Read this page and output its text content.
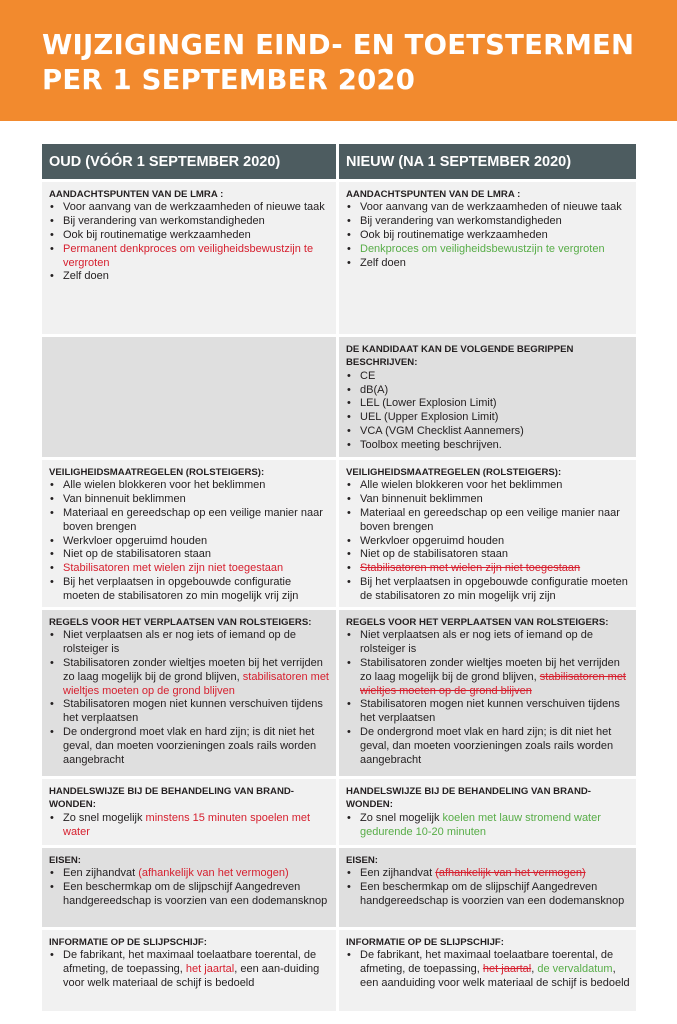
WIJZIGINGEN EIND- EN TOETSTERMEN
PER 1 SEPTEMBER 2020
OUD (VÓÓR 1 SEPTEMBER 2020)	NIEUW (NA 1 SEPTEMBER 2020)
AANDACHTSPUNTEN VAN DE LMRA :
• Voor aanvang van de werkzaamheden of nieuwe taak
• Bij verandering van werkomstandigheden
• Ook bij routinematige werkzaamheden
• Permanent denkproces om veiligheidsbewustzijn te vergroten
• Zelf doen
AANDACHTSPUNTEN VAN DE LMRA :
• Voor aanvang van de werkzaamheden of nieuwe taak
• Bij verandering van werkomstandigheden
• Ook bij routinematige werkzaamheden
• Denkproces om veiligheidsbewustzijn te vergroten
• Zelf doen
DE KANDIDAAT KAN DE VOLGENDE BEGRIPPEN BESCHRIJVEN:
• CE
• dB(A)
• LEL (Lower Explosion Limit)
• UEL (Upper Explosion Limit)
• VCA (VGM Checklist Aannemers)
• Toolbox meeting beschrijven.
VEILIGHEIDSMAATREGELEN (ROLSTEIGERS):
• Alle wielen blokkeren voor het beklimmen
• Van binnenuit beklimmen
• Materiaal en gereedschap op een veilige manier naar boven brengen
• Werkvloer opgeruimd houden
• Niet op de stabilisatoren staan
• Stabilisatoren met wielen zijn niet toegestaan
• Bij het verplaatsen in opgebouwde configuratie moeten de stabilisatoren zo min mogelijk vrij zijn
VEILIGHEIDSMAATREGELEN (ROLSTEIGERS):
• Alle wielen blokkeren voor het beklimmen
• Van binnenuit beklimmen
• Materiaal en gereedschap op een veilige manier naar boven brengen
• Werkvloer opgeruimd houden
• Niet op de stabilisatoren staan
• Stabilisatoren met wielen zijn niet toegestaan
• Bij het verplaatsen in opgebouwde configuratie moeten de stabilisatoren zo min mogelijk vrij zijn
REGELS VOOR HET VERPLAATSEN VAN ROLSTEIGERS:
• Niet verplaatsen als er nog iets of iemand op de rolsteiger is
• Stabilisatoren zonder wieltjes moeten bij het verrijden zo laag mogelijk bij de grond blijven, stabilisatoren met wieltjes moeten op de grond blijven
• Stabilisatoren mogen niet kunnen verschuiven tijdens het verplaatsen
• De ondergrond moet vlak en hard zijn; is dit niet het geval, dan moeten voorzieningen zoals rails worden aangebracht
REGELS VOOR HET VERPLAATSEN VAN ROLSTEIGERS:
• Niet verplaatsen als er nog iets of iemand op de rolsteiger is
• Stabilisatoren zonder wieltjes moeten bij het verrijden zo laag mogelijk bij de grond blijven, stabilisatoren met wieltjes moeten op de grond blijven
• Stabilisatoren mogen niet kunnen verschuiven tijdens het verplaatsen
• De ondergrond moet vlak en hard zijn; is dit niet het geval, dan moeten voorzieningen zoals rails worden aangebracht
HANDELSWIJZE BIJ DE BEHANDELING VAN BRAND-WONDEN:
• Zo snel mogelijk minstens 15 minuten spoelen met water
HANDELSWIJZE BIJ DE BEHANDELING VAN BRAND-WONDEN:
• Zo snel mogelijk koelen met lauw stromend water gedurende 10-20 minuten
EISEN:
• Een zijhandvat (afhankelijk van het vermogen)
• Een beschermkap om de slijpschijf Aangedreven handgereedschap is voorzien van een dodemansknop
EISEN:
• Een zijhandvat (afhankelijk van het vermogen)
• Een beschermkap om de slijpschijf Aangedreven handgereedschap is voorzien van een dodemansknop
INFORMATIE OP DE SLIJPSCHIJF:
• De fabrikant, het maximaal toelaatbare toerental, de afmeting, de toepassing, het jaartal, een aan-duiding voor welk materiaal de schijf is bedoeld
INFORMATIE OP DE SLIJPSCHIJF:
• De fabrikant, het maximaal toelaatbare toerental, de afmeting, de toepassing, het jaartal, de vervaldatum, een aanduiding voor welk materiaal de schijf is bedoeld
